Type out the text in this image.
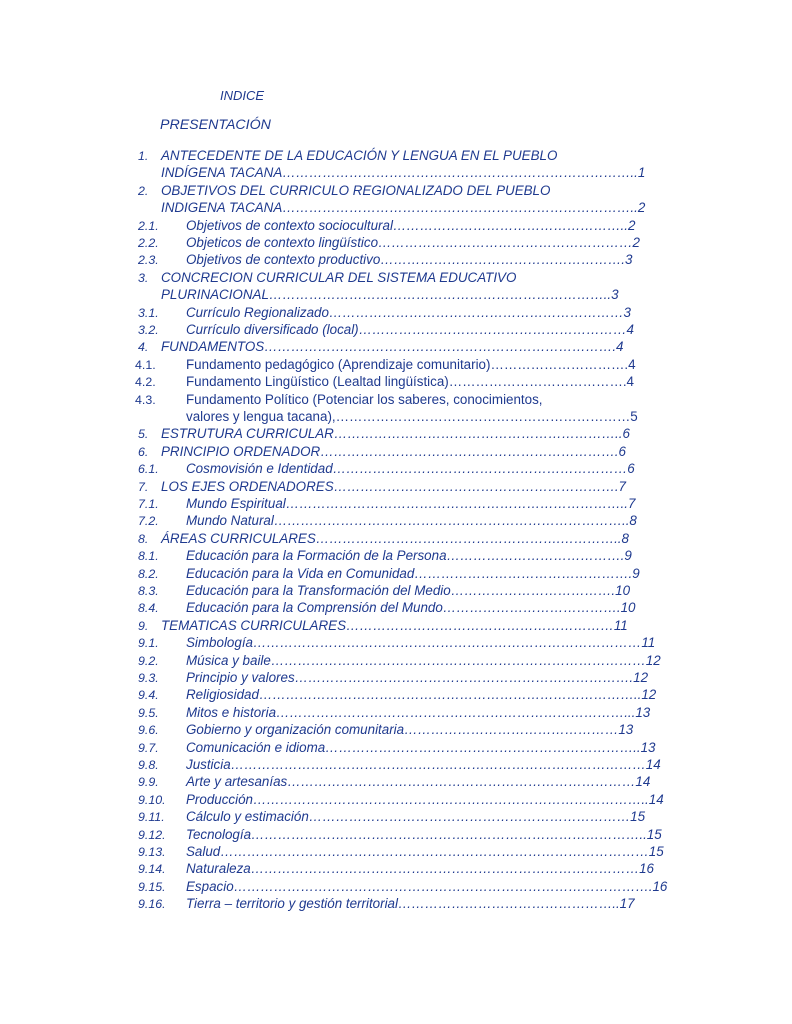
INDICE
PRESENTACIÓN
1. ANTECEDENTE DE LA EDUCACIÓN Y LENGUA EN EL PUEBLO
INDÍGENA TACANA……………………………………………………………………..1
2. OBJETIVOS DEL CURRICULO REGIONALIZADO DEL PUEBLO
INDIGENA TACANA……………………………………………………………………..2
2.1. Objetivos de contexto sociocultural……………………………………………..2
2.2. Objeticos de contexto lingüístico…………………………………………………2
2.3. Objetivos de contexto productivo……………………………………………….3
3. CONCRECION CURRICULAR DEL SISTEMA EDUCATIVO
PLURINACIONAL…………………………………………………………………..3
3.1. Currículo Regionalizado…………………………………………………………3
3.2. Currículo diversificado (local)……………………………………………………4
4. FUNDAMENTOS…………………………………………………………………….4
4.1. Fundamento pedagógico (Aprendizaje comunitario)………………………….4
4.2. Fundamento Lingüístico (Lealtad lingüística)………………………………….4
4.3. Fundamento Político (Potenciar los saberes, conocimientos,
valores y lengua tacana),…………………………………………………………5
5. ESTRUTURA CURRICULAR………………………………………………………..6
6. PRINCIPIO ORDENADOR………………………………………………………….6
6.1. Cosmovisión e Identidad…………………………………………………………6
7. LOS EJES ORDENADORES……………………………………………………….7
7.1. Mundo Espiritual…………………………………………………………………..7
7.2. Mundo Natural……………………………………………………………………..8
8. ÁREAS CURRICULARES……………………………………………….…………..8
8.1. Educación para la Formación de la Persona………………………………….9
8.2. Educación para la Vida en Comunidad………………………………………….9
8.3. Educación para la Transformación del Medio……………………………….10
8.4. Educación para la Comprensión del Mundo………………………………….10
9. TEMATICAS CURRICULARES……………………………………………………11
9.1. Simbología……………………………………………………………………………11
9.2. Música y baile…………………………………………………………………………12
9.3. Principio y valores………………………………………………………………….12
9.4. Religiosidad…………………………………………………………………………..12
9.5. Mitos e historia……………………………………………………………………...13
9.6. Gobierno y organización comunitaria…………………………………………13
9.7. Comunicación e idioma……………………………………………………………..13
9.8. Justicia…………………………………………………………………………………14
9.9. Arte y artesanías……………………………………………………………………14
9.10. Producción……………………………………………………………………………..14
9.11. Cálculo y estimación………………………………………………………………15
9.12. Tecnología……………………………………………………………………………..15
9.13. Salud……………………………………………………………………………………15
9.14. Naturaleza……………………………………………………………………………16
9.15. Espacio………………………………………………………………………………….16
9.16. Tierra – territorio y gestión territorial…………………………………………..17
